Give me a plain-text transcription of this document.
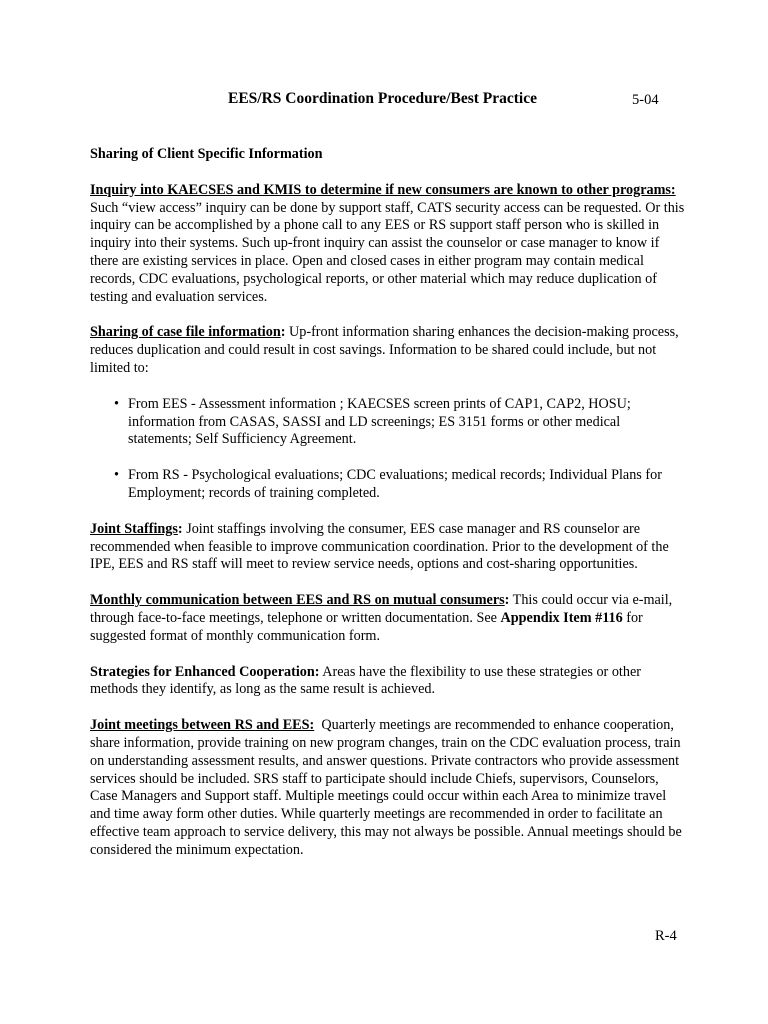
EES/RS Coordination Procedure/Best Practice	5-04

Sharing of Client Specific Information

Inquiry into KAECSES and KMIS to determine if new consumers are known to other programs:  Such “view access” inquiry can be done by support staff, CATS security access can be requested. Or this inquiry can be accomplished by a phone call to any EES or RS support staff person who is skilled in inquiry into their systems. Such up-front inquiry can assist the counselor or case manager to know if there are existing services in place. Open and closed cases in either program may contain medical records, CDC evaluations, psychological reports, or other material which may reduce duplication of testing and evaluation services.

Sharing of case file information: Up-front information sharing enhances the decision-making process, reduces duplication and could result in cost savings. Information to be shared could include, but not limited to:

• From EES - Assessment information ; KAECSES screen prints of CAP1, CAP2, HOSU; information from CASAS, SASSI and LD screenings; ES 3151 forms or other medical statements; Self Sufficiency Agreement.
• From RS - Psychological evaluations; CDC evaluations; medical records; Individual Plans for Employment; records of training completed.

Joint Staffings: Joint staffings involving the consumer, EES case manager and RS counselor are recommended when feasible to improve communication coordination. Prior to the development of the IPE, EES and RS staff will meet to review service needs, options and cost-sharing opportunities.

Monthly communication between EES and RS on mutual consumers: This could occur via e-mail, through face-to-face meetings, telephone or written documentation. See Appendix Item #116 for suggested format of monthly communication form.

Strategies for Enhanced Cooperation: Areas have the flexibility to use these strategies or other methods they identify, as long as the same result is achieved.

Joint meetings between RS and EES: Quarterly meetings are recommended to enhance cooperation, share information, provide training on new program changes, train on the CDC evaluation process, train on understanding assessment results, and answer questions. Private contractors who provide assessment services should be included. SRS staff to participate should include Chiefs, supervisors, Counselors, Case Managers and Support staff. Multiple meetings could occur within each Area to minimize travel and time away form other duties. While quarterly meetings are recommended in order to facilitate an effective team approach to service delivery, this may not always be possible. Annual meetings should be considered the minimum expectation.

R-4
